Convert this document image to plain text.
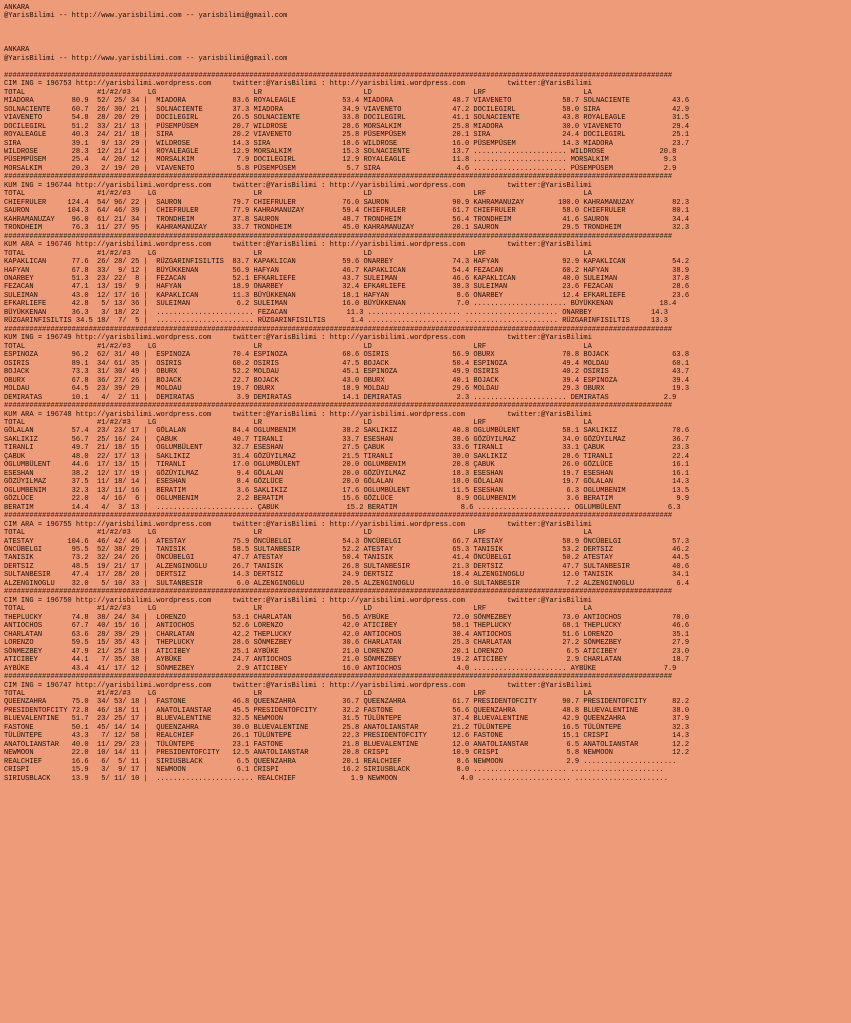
ANKARA
@YarisBilimi -- http://www.yarisbilimi.com -- yarisbilimi@gmail.com
ANKARA
@YarisBilimi -- http://www.yarisbilimi.com -- yarisbilimi@gmail.com
##############################################################################################################################################################
CIM ING = 196753 http://yarisbilimi.wordpress.com     twitter:@YarisBilimi : http://yarisbilimi.wordpress.com          twitter:@YarisBilimi
TOTAL                 #1/#2/#3    LG                       LR                        LD                        LRF                       LA
MIADORA         80.9  52/ 25/ 34 |  MIADORA           83.6 ROYALEAGLE           53.4 MIADORA              48.7 VIAVENETO            58.7 SOLNACIENTE          43.6
SOLNACIENTE     60.7  26/ 30/ 21 |  SOLNACIENTE       37.3 MIADORA              34.9 VIAVENETO            47.2 DOCILEGIRL           58.0 SIRA                 42.9
VIAVENETO       54.8  28/ 20/ 29 |  DOCILEGIRL        26.5 SOLNACIENTE          33.8 DOCILEGIRL           41.1 SOLNACIENTE          43.8 ROYALEAGLE           31.5
DOCILEGIRL      51.2  33/ 21/ 13 |  PÜSEMPÜSEM        20.7 WILDROSE             28.6 MORSALKIM            25.8 MIADORA              30.0 VIAVENETO            29.4
ROYALEAGLE      40.3  24/ 21/ 18 |  SIRA              20.2 VIAVENETO            25.8 PÜSEMPÜSEM           20.1 SIRA                 24.4 DOCILEGIRL           25.1
SIRA            39.1   9/ 13/ 29 |  WILDROSE          14.3 SIRA                 18.6 WILDROSE             16.0 PÜSEMPÜSEM           14.3 MIADORA              23.7
WILDROSE        28.3  12/ 21/ 14 |  ROYALEAGLE        12.9 MORSALKIM            15.3 SOLNACIENTE          13.7 ...................... WILDROSE             20.8
PÜSEMPÜSEM      25.4   4/ 20/ 12 |  MORSALKIM          7.9 DOCILEGIRL           12.9 ROYALEAGLE           11.8 ...................... MORSALKIM             9.3
MORSALKIM       20.3   2/ 19/ 20 |  VIAVENETO          5.8 PÜSEMPÜSEM            5.7 SIRA                  4.6 ...................... PÜSEMPÜSEM            2.9
##############################################################################################################################################################
KUM ING = 196744 http://yarisbilimi.wordpress.com     twitter:@YarisBilimi : http://yarisbilimi.wordpress.com          twitter:@YarisBilimi
TOTAL                 #1/#2/#3    LG                       LR                        LD                        LRF                       LA
CHIEFRULER     124.4  54/ 96/ 22 |  SAURON            79.7 CHIEFRULER           76.0 SAURON               90.9 KAHRAMANUZAY        100.0 KAHRAMANUZAY         82.3
SAURON         104.3  64/ 46/ 39 |  CHIEFRULER        77.9 KAHRAMANUZAY         59.4 CHIEFRULER           61.7 CHIEFRULER           58.0 CHIEFRULER           80.1
KAHRAMANUZAY    96.0  61/ 21/ 34 |  TRONDHEIM         37.8 SAURON               48.7 TRONDHEIM            56.4 TRONDHEIM            41.6 SAURON               34.4
TRONDHEIM       76.3  11/ 27/ 95 |  KAHRAMANUZAY      33.7 TRONDHEIM            45.0 KAHRAMANUZAY         20.1 SAURON               29.5 TRONDHEIM            32.3
##############################################################################################################################################################
KUM ARA = 196746 http://yarisbilimi.wordpress.com     twitter:@YarisBilimi : http://yarisbilimi.wordpress.com          twitter:@YarisBilimi
TOTAL                 #1/#2/#3    LG                       LR                        LD                        LRF                       LA
KAPAKLICAN      77.6  26/ 28/ 25 |  RÜZGARINFISILTIS  83.7 KAPAKLICAN           59.6 ONARBEY              74.3 HAFYAN               92.9 KAPAKLICAN           54.2
HAFYAN          67.8  33/  9/ 12 |  BÜYÜKKENAN        56.9 HAFYAN               46.7 KAPAKLICAN           54.4 FEZACAN              60.2 HAFYAN               38.9
ONARBEY         51.3  23/ 22/  8 |  FEZACAN           52.1 EFKARLIEFE           43.7 SULEIMAN             46.6 KAPAKLICAN           40.0 SULEIMAN             37.8
FEZACAN         47.1  13/ 19/  9 |  HAFYAN            18.9 ONARBEY              32.4 EFKARLIEFE           38.3 SULEIMAN             23.6 FEZACAN              28.6
SULEIMAN        43.0  12/ 17/ 16 |  KAPAKLICAN        11.3 BÜYÜKKENAN           18.1 HAFYAN                8.6 ONARBEY              12.4 EFKARLIEFE           23.6
EFKARLIEFE      42.8   5/ 13/ 36 |  SULEIMAN           6.2 SULEIMAN             16.0 BÜYÜKKENAN            7.0 ...................... BÜYÜKKENAN           18.4
BÜYÜKKENAN      36.3   3/ 18/ 22 |  ....................... FEZACAN              11.3 ...................... ...................... ONARBEY              14.3
RÜZGARINFISILTIS 34.5 18/  7/  5 |  ....................... RÜZGARINFISILTIS      1.4 ...................... ...................... RÜZGARINFISILTIS     13.3
##############################################################################################################################################################
KUM ING = 196749 http://yarisbilimi.wordpress.com     twitter:@YarisBilimi : http://yarisbilimi.wordpress.com          twitter:@YarisBilimi
TOTAL                 #1/#2/#3    LG                       LR                        LD                        LRF                       LA
ESPINOZA        96.2  62/ 31/ 40 |  ESPINOZA          70.4 ESPINOZA             60.6 OSIRIS               56.9 OBURX                70.8 BOJACK               63.8
OSIRIS          89.1  34/ 61/ 35 |  OSIRIS            60.2 OSIRIS               47.5 BOJACK               50.4 ESPINOZA             49.4 MOLDAU               60.1
BOJACK          73.3  31/ 30/ 49 |  OBURX             52.2 MOLDAU               45.1 ESPINOZA             49.9 OSIRIS               40.2 OSIRIS               43.7
OBURX           67.8  36/ 27/ 26 |  BOJACK            22.7 BOJACK               43.0 OBURX                40.1 BOJACK               39.4 ESPINOZA             39.4
MOLDAU          64.5  23/ 39/ 29 |  MOLDAU            19.7 OBURX                18.9 MOLDAU               29.6 MOLDAU               29.3 OBURX                19.3
DEMIRATAS       10.1   4/  2/ 11 |  DEMIRATAS          3.9 DEMIRATAS            14.1 DEMIRATAS             2.3 ...................... DEMIRATAS             2.9
##############################################################################################################################################################
KUM ARA = 196748 http://yarisbilimi.wordpress.com     twitter:@YarisBilimi : http://yarisbilimi.wordpress.com          twitter:@YarisBilimi
TOTAL                 #1/#2/#3    LG                       LR                        LD                        LRF                       LA
GÖLALAN         57.4  23/ 23/ 17 |  GÖLALAN           84.4 OGLUMBENIM           38.2 SAKLIKIZ             40.8 OGLUMBÜLENT          58.1 SAKLIKIZ             70.6
SAKLIKIZ        56.7  25/ 16/ 24 |  ÇABUK             40.7 TIRANLI              33.7 ESESHAN              38.6 GÖZÜYILMAZ           34.0 GÖZÜYILMAZ           36.7
TIRANLI         49.7  21/ 18/ 15 |  OGLUMBÜLENT       32.7 ESESHAN              27.5 ÇABUK                33.6 TIRANLI              33.1 ÇABUK                23.3
ÇABUK           48.0  22/ 17/ 13 |  SAKLIKIZ          31.4 GÖZÜYILMAZ           21.5 TIRANLI              30.0 SAKLIKIZ             28.6 TIRANLI              22.4
OGLUMBÜLENT     44.6  17/ 13/ 15 |  TIRANLI           17.0 OGLUMBÜLENT          20.0 OGLUMBENIM           20.8 ÇABUK                26.0 GÖZLÜCE              16.1
ESESHAN         38.2  12/ 17/ 19 |  GÖZÜYILMAZ         9.4 GÖLALAN              20.0 GÖZÜYILMAZ           18.3 ESESHAN              19.7 ESESHAN              16.1
GÖZÜYILMAZ      37.5  11/ 18/ 14 |  ESESHAN            8.4 GÖZLÜCE              20.0 GÖLALAN              18.0 GÖLALAN              19.7 GÖLALAN              14.3
OGLUMBENIM      32.3  13/ 11/ 16 |  BERATIM            3.6 SAKLIKIZ             17.6 OGLUMBÜLENT          11.5 ESESHAN               6.3 OGLUMBENIM           13.5
GÖZLÜCE         22.0   4/ 16/  6 |  OGLUMBENIM         2.2 BERATIM              15.6 GÖZLÜCE               8.9 OGLUMBENIM            3.6 BERATIM               9.9
BERATIM         14.4   4/  3/ 13 |  ....................... ÇABUK                15.2 BERATIM               8.6 ...................... OGLUMBÜLENT           6.3
##############################################################################################################################################################
CIM ARA = 196755 http://yarisbilimi.wordpress.com     twitter:@YarisBilimi : http://yarisbilimi.wordpress.com          twitter:@YarisBilimi
TOTAL                 #1/#2/#3    LG                       LR                        LD                        LRF                       LA
ATESTAY        104.6  46/ 42/ 46 |  ATESTAY           75.9 ÖNCÜBELGI            54.3 ÖNCÜBELGI            66.7 ATESTAY              58.9 ÖNCÜBELGI            57.3
ÖNCÜBELGI       95.5  52/ 38/ 29 |  TANISIK           58.5 SULTANBESIR          52.2 ATESTAY              65.3 TANISIK              53.2 DERTSIZ              46.2
TANISIK         73.2  32/ 24/ 26 |  ÖNCÜBELGI         47.7 ATESTAY              50.4 TANISIK              41.4 ÖNCÜBELGI            50.2 ATESTAY              44.5
DERTSIZ         48.5  19/ 21/ 17 |  ALZENGINOGLU      26.7 TANISIK              26.8 SULTANBESIR          21.3 DERTSIZ              47.7 SULTANBESIR          40.6
SULTANBESIR     47.4  17/ 28/ 20 |  DERTSIZ           14.3 DERTSIZ              24.9 DERTSIZ              18.4 ALZENGINOGLU         12.0 TANISIK              34.1
ALZENGINOGLU    32.0   5/ 10/ 33 |  SULTANBESIR        6.0 ALZENGINOGLU         20.5 ALZENGINOGLU         16.0 SULTANBESIR           7.2 ALZENGINOGLU          6.4
##############################################################################################################################################################
CIM ING = 196750 http://yarisbilimi.wordpress.com     twitter:@YarisBilimi : http://yarisbilimi.wordpress.com          twitter:@YarisBilimi
TOTAL                 #1/#2/#3    LG                       LR                        LD                        LRF                       LA
THEPLUCKY       74.8  38/ 24/ 34 |  LORENZO           53.1 CHARLATAN            56.5 AYBÜKE               72.0 SÖNMEZBEY            73.0 ANTIOCHOS            70.0
ANTIOCHOS       67.7  40/ 15/ 16 |  ANTIOCHOS         52.6 LORENZO              42.0 ATICIBEY             58.1 THEPLUCKY            68.1 THEPLUCKY            46.6
CHARLATAN       63.6  28/ 39/ 29 |  CHARLATAN         42.2 THEPLUCKY            42.0 ANTIOCHOS            30.4 ANTIOCHOS            51.6 LORENZO              35.1
LORENZO         59.5  15/ 35/ 43 |  THEPLUCKY         28.6 SÖNMEZBEY            30.6 CHARLATAN            25.3 CHARLATAN            27.2 SÖNMEZBEY            27.9
SÖNMEZBEY       47.9  21/ 25/ 18 |  ATICIBEY          25.1 AYBÜKE               21.0 LORENZO              20.1 LORENZO               6.5 ATICIBEY             23.0
ATICIBEY        44.1   7/ 35/ 38 |  AYBÜKE            24.7 ANTIOCHOS            21.0 SÖNMEZBEY            19.2 ATICIBEY              2.9 CHARLATAN            18.7
AYBÜKE          43.4  41/ 17/ 12 |  SÖNMEZBEY          2.9 ATICIBEY             16.0 ANTIOCHOS             4.0 ...................... AYBÜKE                7.9
##############################################################################################################################################################
CIM ING = 196747 http://yarisbilimi.wordpress.com     twitter:@YarisBilimi : http://yarisbilimi.wordpress.com          twitter:@YarisBilimi
TOTAL                 #1/#2/#3    LG                       LR                        LD                        LRF                       LA
QUEENZAHRA      75.0  34/ 53/ 18 |  FASTONE           46.8 QUEENZAHRA           36.7 QUEENZAHRA           61.7 PRESIDENTOFCITY      90.7 PRESIDENTOFCITY      82.2
PRESIDENTOFCITY 72.8  46/ 18/ 11 |  ANATOLIANSTAR     45.5 PRESIDENTOFCITY      32.2 FASTONE              56.6 QUEENZAHRA           48.8 BLUEVALENTINE        38.0
BLUEVALENTINE   51.7  23/ 25/ 17 |  BLUEVALENTINE     32.5 NEWMOON              31.5 TÜLÜNTEPE            37.4 BLUEVALENTINE        42.9 QUEENZAHRA           37.9
FASTONE         50.1  45/ 14/ 14 |  QUEENZAHRA        30.0 BLUEVALENTINE        25.8 ANATOLIANSTAR        21.2 TÜLÜNTEPE            16.5 TÜLÜNTEPE            32.3
TÜLÜNTEPE       43.3   7/ 12/ 58 |  REALCHIEF         26.1 TÜLÜNTEPE            22.3 PRESIDENTOFCITY      12.6 FASTONE              15.1 CRISPI               14.3
ANATOLIANSTAR   40.0  11/ 29/ 23 |  TÜLÜNTEPE         23.1 FASTONE              21.8 BLUEVALENTINE        12.0 ANATOLIANSTAR         6.5 ANATOLIANSTAR        12.2
NEWMOON         22.0  10/ 14/ 11 |  PRESIDENTOFCITY   12.5 ANATOLIANSTAR        20.8 CRISPI               10.9 CRISPI                5.8 NEWMOON              12.2
REALCHIEF       16.6   6/  5/ 11 |  SIRIUSBLACK        6.5 QUEENZAHRA           20.1 REALCHIEF             8.6 NEWMOON               2.9 ......................
CRISPI          15.9   3/  9/ 17 |  NEWMOON            6.1 CRISPI               16.2 SIRIUSBLACK           8.0 ...................... ......................
SIRIUSBLACK     13.9   5/ 11/ 10 |  ....................... REALCHIEF             1.9 NEWMOON               4.0 ...................... ......................
